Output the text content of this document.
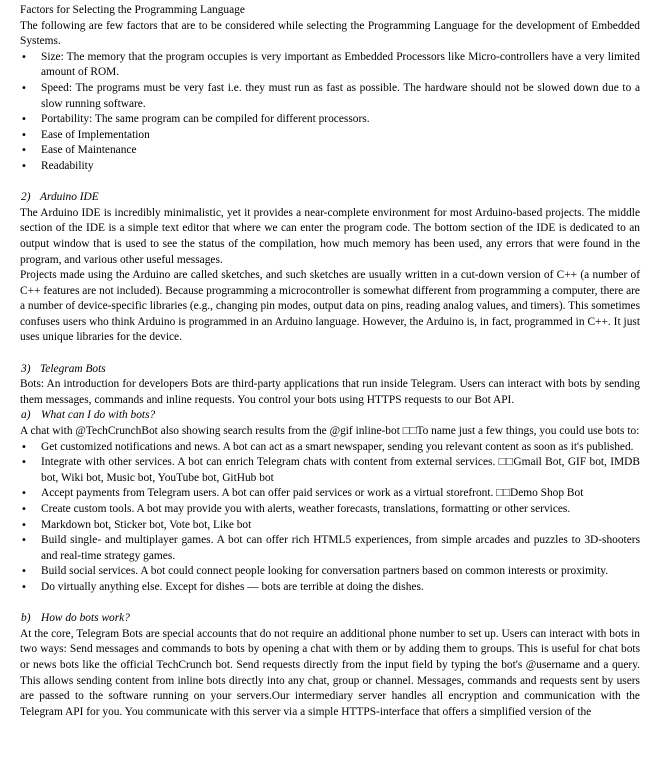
Factors for Selecting the Programming Language

The following are few factors that are to be considered while selecting the Programming Language for the development of Embedded Systems.

• Size: The memory that the program occupies is very important as Embedded Processors like Micro-controllers have a very limited amount of ROM.
• Speed: The programs must be very fast i.e. they must run as fast as possible. The hardware should not be slowed down due to a slow running software.
• Portability: The same program can be compiled for different processors.
• Ease of Implementation
• Ease of Maintenance
• Readability

2) Arduino IDE

The Arduino IDE is incredibly minimalistic, yet it provides a near-complete environment for most Arduino-based projects. The middle section of the IDE is a simple text editor that where we can enter the program code. The bottom section of the IDE is dedicated to an output window that is used to see the status of the compilation, how much memory has been used, any errors that were found in the program, and various other useful messages.

Projects made using the Arduino are called sketches, and such sketches are usually written in a cut-down version of C++ (a number of C++ features are not included). Because programming a microcontroller is somewhat different from programming a computer, there are a number of device-specific libraries (e.g., changing pin modes, output data on pins, reading analog values, and timers). This sometimes confuses users who think Arduino is programmed in an Arduino language. However, the Arduino is, in fact, programmed in C++. It just uses unique libraries for the device.

3) Telegram Bots

Bots: An introduction for developers Bots are third-party applications that run inside Telegram. Users can interact with bots by sending them messages, commands and inline requests. You control your bots using HTTPS requests to our Bot API.

a) What can I do with bots?

A chat with @TechCrunchBot also showing search results from the @gif inline-bot □□To name just a few things, you could use bots to:

• Get customized notifications and news. A bot can act as a smart newspaper, sending you relevant content as soon as it's published.
• Integrate with other services. A bot can enrich Telegram chats with content from external services. □□Gmail Bot, GIF bot, IMDB bot, Wiki bot, Music bot, YouTube bot, GitHub bot
• Accept payments from Telegram users. A bot can offer paid services or work as a virtual storefront. □□Demo Shop Bot
• Create custom tools. A bot may provide you with alerts, weather forecasts, translations, formatting or other services.
• Markdown bot, Sticker bot, Vote bot, Like bot
• Build single- and multiplayer games. A bot can offer rich HTML5 experiences, from simple arcades and puzzles to 3D-shooters and real-time strategy games.
• Build social services. A bot could connect people looking for conversation partners based on common interests or proximity.
• Do virtually anything else. Except for dishes — bots are terrible at doing the dishes.

b) How do bots work?

At the core, Telegram Bots are special accounts that do not require an additional phone number to set up. Users can interact with bots in two ways: Send messages and commands to bots by opening a chat with them or by adding them to groups. This is useful for chat bots or news bots like the official TechCrunch bot. Send requests directly from the input field by typing the bot's @username and a query. This allows sending content from inline bots directly into any chat, group or channel. Messages, commands and requests sent by users are passed to the software running on your servers.Our intermediary server handles all encryption and communication with the Telegram API for you. You communicate with this server via a simple HTTPS-interface that offers a simplified version of the
